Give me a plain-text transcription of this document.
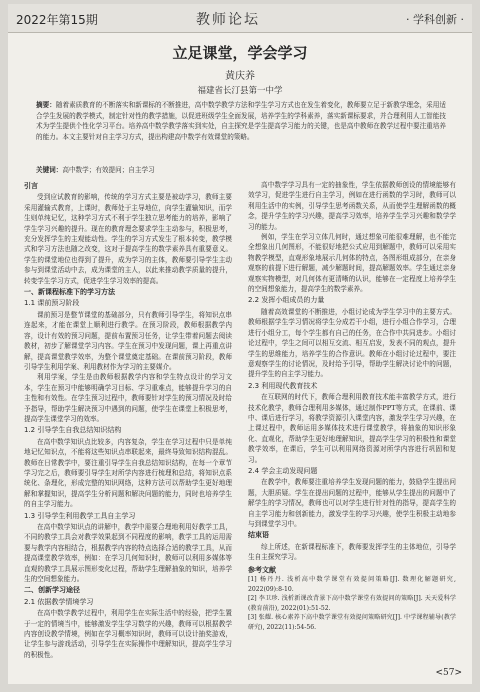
2022年第15期	教师论坛	· 学科创新 ·
立足课堂，学会学习
黄庆养
福建省长汀县第一中学
摘要：随着素质教育的不断落实和新课标的不断推进，高中数学教学方法和学生学习方式也在发生着变化，教师要立足于新教学理念，采用适合学生发展的教学模式，制定针对性的教学措施，以促进班级学生全面发展，培养学生的学科素养，落实新课标要求，并合理利用人工智能技术为学生提供个性化学习平台。培养高中数学教学落实到实处，自主探究是学生提高学习能力的关键，也是高中教师在教学过程中要注重培养的能力。本文主要针对自主学习方式，提出构建高中数学有效课堂的策略。
关键词：高中数学；有效提问；自主学习
引言

受到应试教育的影响，传统的学习方式主要是被动学习，教师主要采用灌输式教育，上课时，教师处于主导地位，向学生灌输知识，而学生则单纯记忆，这种学习方式不利于学生独立思考能力的培养，影响了学生学习兴趣的提升。现在的教育理念要求学生主动参与，积极思考，充分发挥学生的主观能动性。学生的学习方式发生了根本转变，教学模式和学习方法也随之改变，这对于提高学生的数学素养具有重要意义。学生的课堂地位也得到了提升，成为学习的主体，教师要引导学生主动参与到课堂活动中去，成为课堂的主人，以此来推动教学质量的提升，转变学生学习方式，促进学生学习效率的提高。

一、新课程标准下的学习方法
1.1 课前预习阶段

课前预习是整节课堂的基础部分，只有教师引导学生，将知识点串连起来，才能在课堂上顺利进行教学。在预习阶段，教师根据教学内容，设计有效的预习问题，提前布置预习任务，让学生带着问题去阅读教材，初步了解课堂学习内容。学生在预习中发现问题，课上再重点讲解，提高课堂教学效率，为整个课堂奠定基础。在课前预习阶段，教师引导学生利用学案、利用教材作为学习的主要媒介。

利用学案，学生是由教师根据教学内容和学生特点设计的学习文本，学生在预习中能够明确学习目标、学习重难点，能够提升学习的自主性和有效性。在学生预习过程中，教师要针对学生的预习情况及时给予指导，帮助学生解决预习中遇到的问题，使学生在课堂上积极思考，提高学生课堂学习的效率。

1.2 引导学生自我总结知识结构

在高中数学知识点比较多，内容复杂，学生在学习过程中只是单纯地记忆知识点，不能将这些知识点串联起来，最终导致知识结构混乱。教师在日常教学中，要注重引导学生自我总结知识结构，在每一个章节学习完之后，教师要引导学生对所学内容进行梳理和总结，将知识点系统化、条理化，形成完整的知识网络，这种方法可以帮助学生更好地理解和掌握知识，提高学生分析问题和解决问题的能力，同时也培养学生的自主学习能力。

1.3 引导学生利用教学工具自主学习

在高中数学知识点的讲解中，教学中需要合理地利用好教学工具，不同的教学工具会对教学效果起到不同程度的影响，教学工具的运用需要与教学内容相结合，根据教学内容的特点选择合适的教学工具，从而提高课堂教学效率，例如：在学习几何知识时，教师可以利用多媒体等直观的教学工具展示图形变化过程，帮助学生理解抽象的知识，培养学生的空间想象能力。

二、创新学习途径
2.1 依据教学情境学习

在高中数学教学过程中，利用学生在实际生活中的经验，把学生置于一定的情境当中，能够激发学生学习数学的兴趣，教师可以根据教学内容创设教学情境，例如在学习概率知识时，教师可以设计抽奖游戏，让学生参与游戏活动，引导学生在实际操作中理解知识，提高学生学习的积极性。

高中数学学习具有一定的抽象性，学生依据教师创设的情境能够有效学习，促进学生进行自主学习，例如在进行函数的学习时，教师可以利用生活中的实例，引导学生思考函数关系，从而使学生理解函数的概念，提升学生的学习兴趣，提高学习效率，培养学生学习兴趣和数学学习的能力。

例如，学生在学习立体几何时，通过想象可能很难理解，也不能完全想象出几何图形，不能很好地把公式应用到解题中，教师可以采用实物教学模型，直观形象地展示几何体的特点，各图形组成部分，在亲身观察的前提下进行解题，减少解题时间，提高解题效率。学生通过亲身观察实物模型，对几何体有更清晰的认识，能够在一定程度上培养学生的空间想象能力，提高学生的数学素养。

2.2 发挥小组成员的力量

随着高效课堂的不断推进，小组讨论成为学生学习中的主要方式。教师根据学生学习情况将学生分成若干小组，进行小组合作学习，合理进行小组分工，每个学生都有自己的任务，在合作中共同进步。小组讨论过程中，学生之间可以相互交流、相互启发，发表不同的观点，提升学生的思维能力，培养学生的合作意识。教师在小组讨论过程中，要注意观察学生的讨论情况，及时给予引导，帮助学生解决讨论中的问题，提升学生的自主学习能力。

2.3 利用现代教育技术

在互联网的时代下，教师合理利用教育技术能丰富教学方式，进行技术化教学，教师合理利用多媒体，通过制作PPT等方式，在课前、课中、课后进行学习，将教学资源引入课堂内容，激发学生学习兴趣，在上课过程中，教师运用多媒体技术进行课堂教学，将抽象的知识形象化、直观化，帮助学生更好地理解知识，提高学生学习的积极性和课堂教学效率，在课后，学生可以利用网络资源对所学内容进行巩固和复习。

2.4 学会主动发现问题

在教学中，教师要注重培养学生发现问题的能力，鼓励学生提出问题，大胆质疑。学生在提出问题的过程中，能够从学生提出的问题中了解学生的学习情况，教师也可以对学生进行针对性的指导，提高学生的自主学习能力和创新能力，激发学生的学习兴趣，使学生积极主动地参与到课堂学习中。

结束语

综上所述，在新课程标准下，教师要发挥学生的主体地位，引导学生自主探究学习。

参考文献

[1] 杨丹丹. 浅析高中数学课堂有效提问策略[J]. 数理化解题研究, 2022(09):8-10.

[2] 李卫珍. 浅析新课改背景下高中数学课堂有效提问的策略[J]. 天天爱科学(教育前沿), 2022(01):51-52.

[3] 张耀. 核心素养下高中数学课堂有效提问策略研究[J]. 中学课程辅导(教学研究), 2022(11):54-56.

<57>
